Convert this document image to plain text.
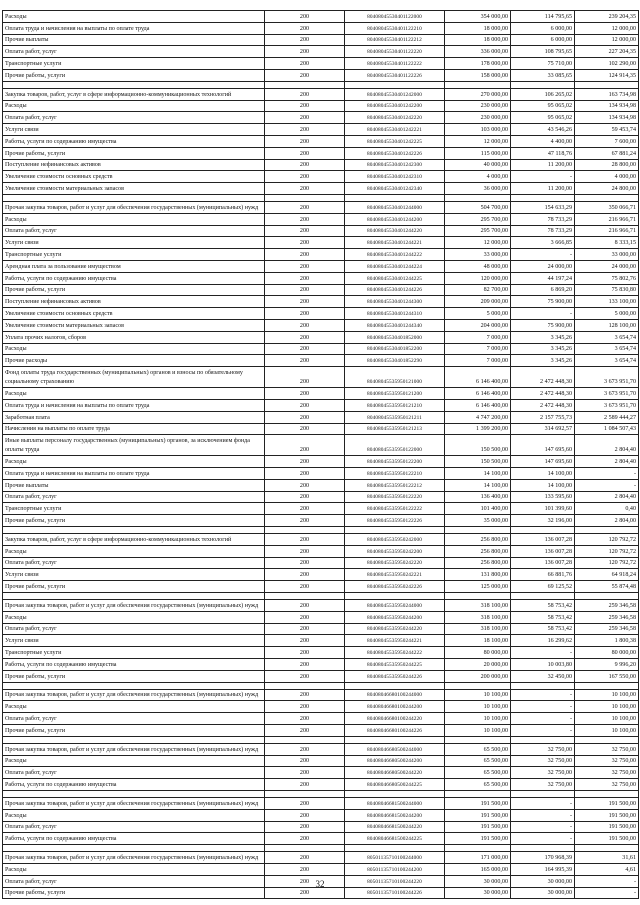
Расходы	200	80408045530401122000	354 000,00	114 795,65	239 204,35
Оплата труда и начисления на выплаты по оплате труда	200	80408045530401122210	18 000,00	6 000,00	12 000,00
Прочие выплаты	200	80408045530401122212	18 000,00	6 000,00	12 000,00
Оплата работ, услуг	200	80408045530401122220	336 000,00	108 795,65	227 204,35
Транспортные услуги	200	80408045530401122222	178 000,00	75 710,00	102 290,00
Прочие работы, услуги	200	80408045530401122226	158 000,00	33 085,65	124 914,35

Закупка товаров, работ, услуг в сфере информационно-коммуникационных технологий	200	80408045530401242000	270 000,00	106 265,02	163 734,98
Расходы	200	80408045530401242200	230 000,00	95 065,02	134 934,98
Оплата работ, услуг	200	80408045530401242220	230 000,00	95 065,02	134 934,98
Услуги связи	200	80408045530401242221	103 000,00	43 546,26	59 453,74
Работы, услуги по содержанию имущества	200	80408045530401242225	12 000,00	4 400,00	7 600,00
Прочие работы, услуги	200	80408045530401242226	115 000,00	47 118,76	67 881,24
Поступление нефинансовых активов	200	80408045530401242300	40 000,00	11 200,00	28 800,00
Увеличение стоимости основных средств	200	80408045530401242310	4 000,00	-	4 000,00
Увеличение стоимости материальных запасов	200	80408045530401242340	36 000,00	11 200,00	24 800,00

Прочая закупка товаров, работ и услуг для обеспечения государственных (муниципальных) нужд	200	80408045530401244000	504 700,00	154 633,29	350 066,71
Расходы	200	80408045530401244200	295 700,00	78 733,29	216 966,71
Оплата работ, услуг	200	80408045530401244220	295 700,00	78 733,29	216 966,71
Услуги связи	200	80408045530401244221	12 000,00	3 666,85	8 333,15
Транспортные услуги	200	80408045530401244222	33 000,00	-	33 000,00
Арендная плата за пользование имуществом	200	80408045530401244224	48 000,00	24 000,00	24 000,00
Работы, услуги по содержанию имущества	200	80408045530401244225	120 000,00	44 197,24	75 802,76
Прочие работы, услуги	200	80408045530401244226	82 700,00	6 869,20	75 830,80
Поступление нефинансовых активов	200	80408045530401244300	209 000,00	75 900,00	133 100,00
Увеличение стоимости основных средств	200	80408045530401244310	5 000,00	-	5 000,00
Увеличение стоимости материальных запасов	200	80408045530401244340	204 000,00	75 900,00	128 100,00
Уплата прочих налогов, сборов	200	80408045530401852000	7 000,00	3 345,26	3 654,74
Расходы	200	80408045530401852200	7 000,00	3 345,26	3 654,74
Прочие расходы	200	80408045530401852290	7 000,00	3 345,26	3 654,74
Фонд оплаты труда государственных (муниципальных) органов и взносы по обязательному социальному страхованию	200	80408045535950121000	6 146 400,00	2 472 448,30	3 673 951,70
Расходы	200	80408045535950121200	6 146 400,00	2 472 448,30	3 673 951,70
Оплата труда и начисления на выплаты по оплате труда	200	80408045535950121210	6 146 400,00	2 472 448,30	3 673 951,70
Заработная плата	200	80408045535950121211	4 747 200,00	2 157 755,73	2 589 444,27
Начисления на выплаты по оплате труда	200	80408045535950121213	1 399 200,00	314 692,57	1 084 507,43
Иные выплаты персоналу государственных (муниципальных) органов, за исключением фонда оплаты труда	200	80408045535950122000	150 500,00	147 695,60	2 804,40
Расходы	200	80408045535950122200	150 500,00	147 695,60	2 804,40
Оплата труда и начисления на выплаты по оплате труда	200	80408045535950122210	14 100,00	14 100,00	-
Прочие выплаты	200	80408045535950122212	14 100,00	14 100,00	-
Оплата работ, услуг	200	80408045535950122220	136 400,00	133 595,60	2 804,40
Транспортные услуги	200	80408045535950122222	101 400,00	101 399,60	0,40
Прочие работы, услуги	200	80408045535950122226	35 000,00	32 196,00	2 804,00

Закупка товаров, работ, услуг в сфере информационно-коммуникационных технологий	200	80408045535950242000	256 800,00	136 007,28	120 792,72
Расходы	200	80408045535950242200	256 800,00	136 007,28	120 792,72
Оплата работ, услуг	200	80408045535950242220	256 800,00	136 007,28	120 792,72
Услуги связи	200	80408045535950242221	131 800,00	66 881,76	64 918,24
Прочие работы, услуги	200	80408045535950242226	125 000,00	69 125,52	55 874,48

Прочая закупка товаров, работ и услуг для обеспечения государственных (муниципальных) нужд	200	80408045535950244000	318 100,00	58 753,42	259 346,58
Расходы	200	80408045535950244200	318 100,00	58 753,42	259 346,58
Оплата работ, услуг	200	80408045535950244220	318 100,00	58 753,42	259 346,58
Услуги связи	200	80408045535950244221	18 100,00	16 299,62	1 800,38
Транспортные услуги	200	80408045535950244222	80 000,00	-	80 000,00
Работы, услуги по содержанию имущества	200	80408045535950244225	20 000,00	10 003,80	9 996,20
Прочие работы, услуги	200	80408045535950244226	200 000,00	32 450,00	167 550,00

Прочая закупка товаров, работ и услуг для обеспечения государственных (муниципальных) нужд	200	80408046680100244000	10 100,00	-	10 100,00
Расходы	200	80408046680100244200	10 100,00	-	10 100,00
Оплата работ, услуг	200	80408046680100244220	10 100,00	-	10 100,00
Прочие работы, услуги	200	80408046680100244226	10 100,00	-	10 100,00

Прочая закупка товаров, работ и услуг для обеспечения государственных (муниципальных) нужд	200	80408046680500244000	65 500,00	32 750,00	32 750,00
Расходы	200	80408046680500244200	65 500,00	32 750,00	32 750,00
Оплата работ, услуг	200	80408046680500244220	65 500,00	32 750,00	32 750,00
Работы, услуги по содержанию имущества	200	80408046680500244225	65 500,00	32 750,00	32 750,00

Прочая закупка товаров, работ и услуг для обеспечения государственных (муниципальных) нужд	200	80408046681500244000	191 500,00	-	191 500,00
Расходы	200	80408046681500244200	191 500,00	-	191 500,00
Оплата работ, услуг	200	80408046681500244220	191 500,00	-	191 500,00
Работы, услуги по содержанию имущества	200	80408046681500244225	191 500,00	-	191 500,00

Прочая закупка товаров, работ и услуг для обеспечения государственных (муниципальных) нужд	200	80501135710100244000	171 000,00	170 968,39	31,61
Расходы	200	80501135710100244200	165 000,00	164 995,39	4,61
Оплата работ, услуг	200	80501135710100244220	30 000,00	30 000,00	-
Прочие работы, услуги	200	80501135710100244226	30 000,00	30 000,00	-
32
